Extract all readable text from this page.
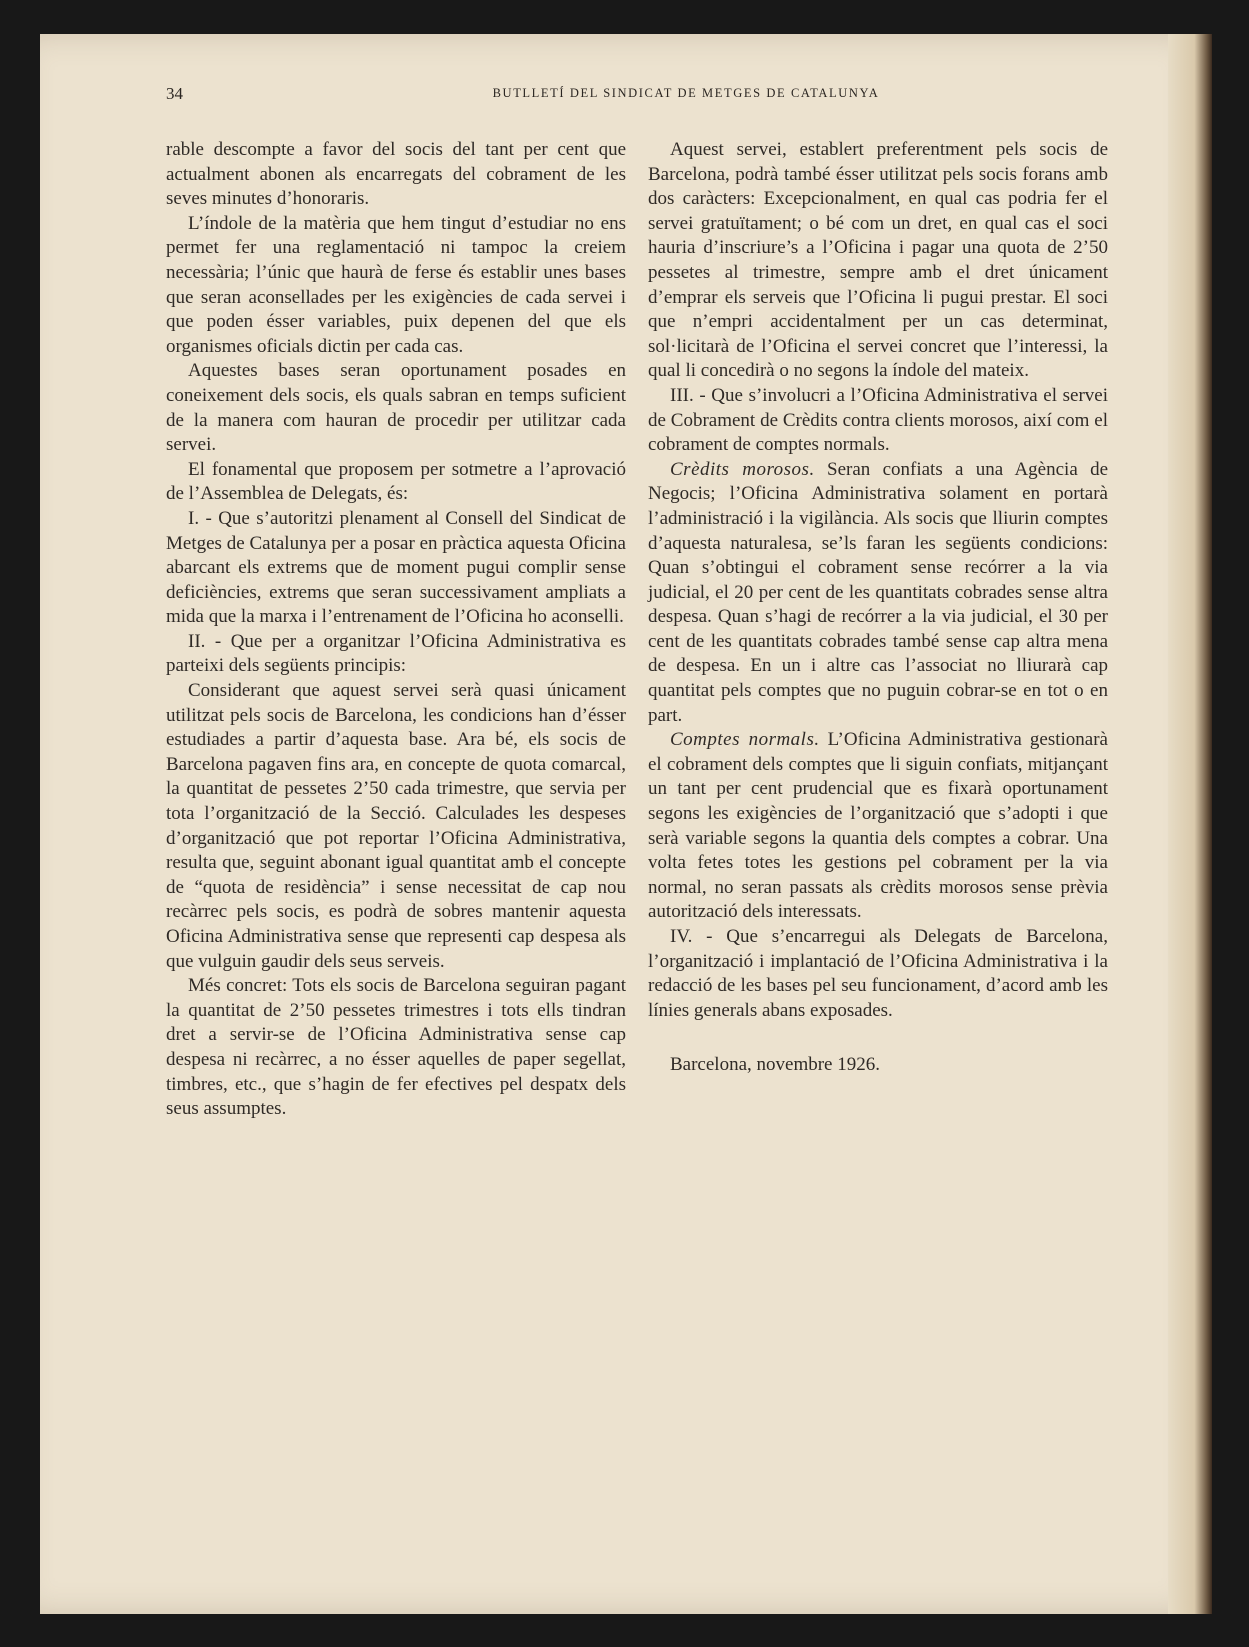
34	BUTLLETÍ DEL SINDICAT DE METGES DE CATALUNYA

rable descompte a favor del socis del tant per cent que actualment abonen als encarregats del cobrament de les seves minutes d’honoraris.

L’índole de la matèria que hem tingut d’estudiar no ens permet fer una reglamentació ni tampoc la creiem necessària; l’únic que haurà de ferse és establir unes bases que seran aconsellades per les exigències de cada servei i que poden ésser variables, puix depenen del que els organismes oficials dictin per cada cas.

Aquestes bases seran oportunament posades en coneixement dels socis, els quals sabran en temps suficient de la manera com hauran de procedir per utilitzar cada servei.

El fonamental que proposem per sotmetre a l’aprovació de l’Assemblea de Delegats, és:

I. - Que s’autoritzi plenament al Consell del Sindicat de Metges de Catalunya per a posar en pràctica aquesta Oficina abarcant els extrems que de moment pugui complir sense deficiències, extrems que seran successivament ampliats a mida que la marxa i l’entrenament de l’Oficina ho aconselli.

II. - Que per a organitzar l’Oficina Administrativa es parteixi dels següents principis:

Considerant que aquest servei serà quasi únicament utilitzat pels socis de Barcelona, les condicions han d’ésser estudiades a partir d’aquesta base. Ara bé, els socis de Barcelona pagaven fins ara, en concepte de quota comarcal, la quantitat de pessetes 2’50 cada trimestre, que servia per tota l’organització de la Secció. Calculades les despeses d’organització que pot reportar l’Oficina Administrativa, resulta que, seguint abonant igual quantitat amb el concepte de “quota de residència” i sense necessitat de cap nou recàrrec pels socis, es podrà de sobres mantenir aquesta Oficina Administrativa sense que representi cap despesa als que vulguin gaudir dels seus serveis.

Més concret: Tots els socis de Barcelona seguiran pagant la quantitat de 2’50 pessetes trimestres i tots ells tindran dret a servir-se de l’Oficina Administrativa sense cap despesa ni recàrrec, a no ésser aquelles de paper segellat, timbres, etc., que s’hagin de fer efectives pel despatx dels seus assumptes.

Aquest servei, establert preferentment pels socis de Barcelona, podrà també ésser utilitzat pels socis forans amb dos caràcters: Excepcionalment, en qual cas podria fer el servei gratuïtament; o bé com un dret, en qual cas el soci hauria d’inscriure’s a l’Oficina i pagar una quota de 2’50 pessetes al trimestre, sempre amb el dret únicament d’emprar els serveis que l’Oficina li pugui prestar. El soci que n’empri accidentalment per un cas determinat, sol·licitarà de l’Oficina el servei concret que l’interessi, la qual li concedirà o no segons la índole del mateix.

III. - Que s’involucri a l’Oficina Administrativa el servei de Cobrament de Crèdits contra clients morosos, així com el cobrament de comptes normals.

Crèdits morosos. Seran confiats a una Agència de Negocis; l’Oficina Administrativa solament en portarà l’administració i la vigilància. Als socis que lliurin comptes d’aquesta naturalesa, se’ls faran les següents condicions: Quan s’obtingui el cobrament sense recórrer a la via judicial, el 20 per cent de les quantitats cobrades sense altra despesa. Quan s’hagi de recórrer a la via judicial, el 30 per cent de les quantitats cobrades també sense cap altra mena de despesa. En un i altre cas l’associat no lliurarà cap quantitat pels comptes que no puguin cobrar-se en tot o en part.

Comptes normals. L’Oficina Administrativa gestionarà el cobrament dels comptes que li siguin confiats, mitjançant un tant per cent prudencial que es fixarà oportunament segons les exigències de l’organització que s’adopti i que serà variable segons la quantia dels comptes a cobrar. Una volta fetes totes les gestions pel cobrament per la via normal, no seran passats als crèdits morosos sense prèvia autorització dels interessats.

IV. - Que s’encarregui als Delegats de Barcelona, l’organització i implantació de l’Oficina Administrativa i la redacció de les bases pel seu funcionament, d’acord amb les línies generals abans exposades.

Barcelona, novembre 1926.
